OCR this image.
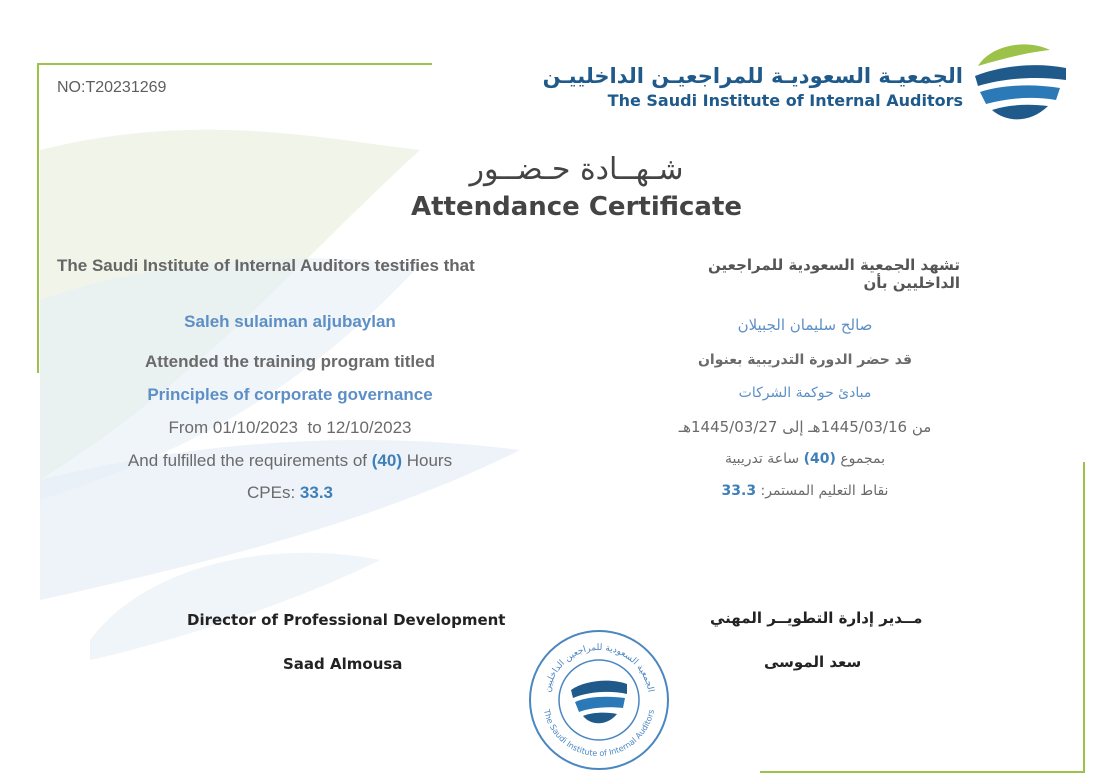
NO:T20231269	الجمعيـة السعوديـة للمراجعيـن الداخلييـن
The Saudi Institute of Internal Auditors
شـهــادة حـضــور
Attendance Certificate
The Saudi Institute of Internal Auditors testifies that	تشهد الجمعية السعودية للمراجعين الداخليين بأن
Saleh sulaiman aljubaylan
Attended the training program titled
Principles of corporate governance
From 01/10/2023 to 12/10/2023
And fulfilled the requirements of (40) Hours
CPEs: 33.3
صالح سليمان الجبيلان
قد حضر الدورة التدريبية بعنوان
مبادئ حوكمة الشركات
من 1445/03/16هـ إلى 1445/03/27هـ
بمجموع (40) ساعة تدريبية
نقاط التعليم المستمر: 33.3
Director of Professional Development
Saad Almousa
مــدير إدارة التطويــر المهني
سعد الموسى
الجمعية السعودية للمراجعين الداخليين
The Saudi Institute of Internal Auditors
